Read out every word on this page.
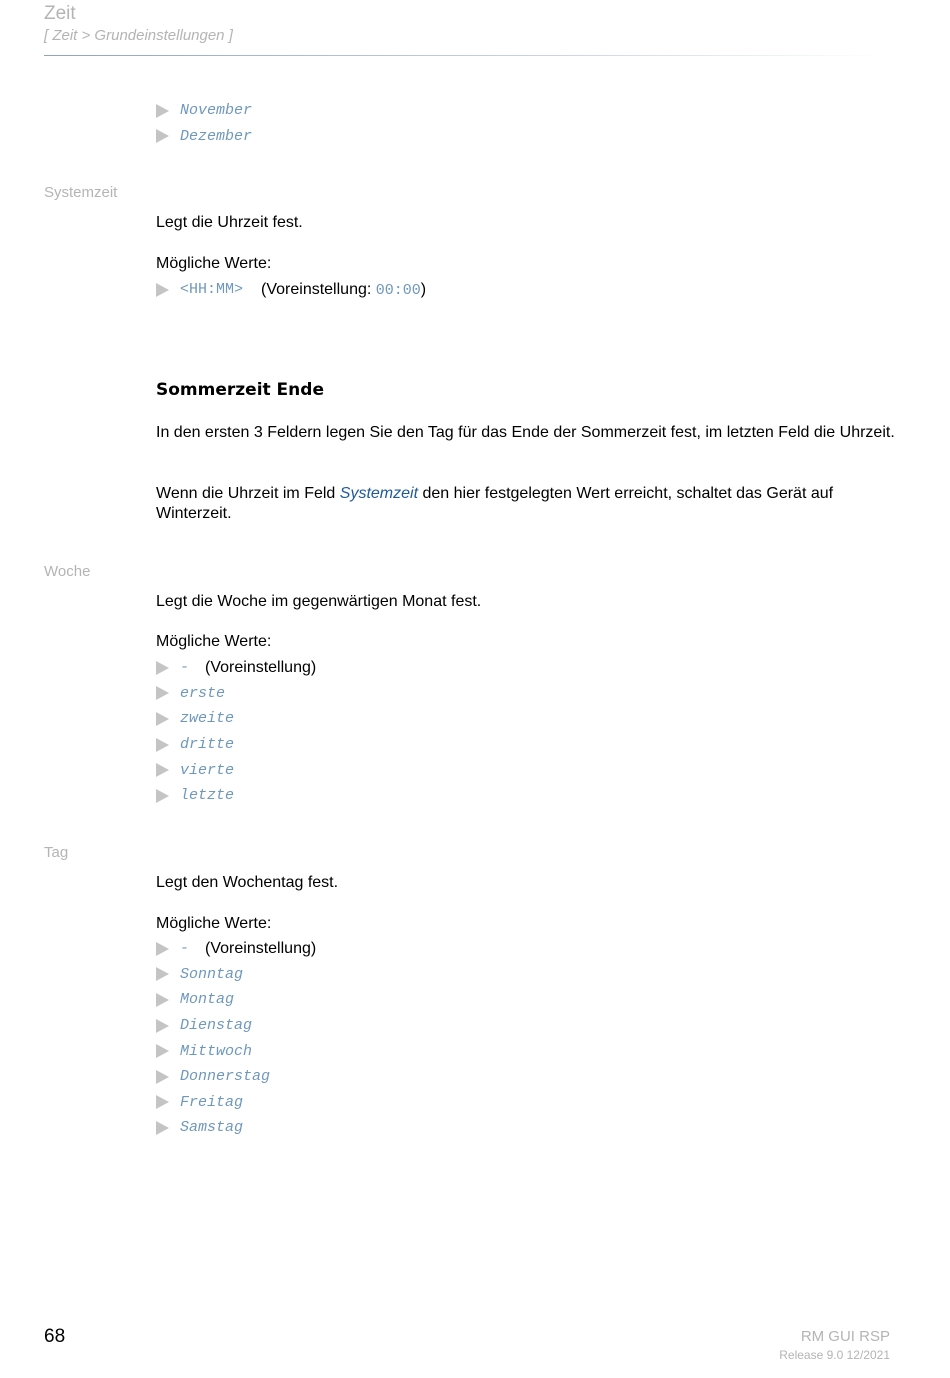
Zeit
[ Zeit > Grundeinstellungen ]
November
Dezember
Systemzeit
Legt die Uhrzeit fest.
Mögliche Werte:
<HH:MM> (Voreinstellung: 00:00)
Sommerzeit Ende
In den ersten 3 Feldern legen Sie den Tag für das Ende der Sommerzeit fest, im letzten Feld die Uhrzeit.
Wenn die Uhrzeit im Feld Systemzeit den hier festgelegten Wert erreicht, schaltet das Gerät auf Winterzeit.
Woche
Legt die Woche im gegenwärtigen Monat fest.
Mögliche Werte:
- (Voreinstellung)
erste
zweite
dritte
vierte
letzte
Tag
Legt den Wochentag fest.
Mögliche Werte:
- (Voreinstellung)
Sonntag
Montag
Dienstag
Mittwoch
Donnerstag
Freitag
Samstag
68	RM GUI RSP
Release 9.0 12/2021
